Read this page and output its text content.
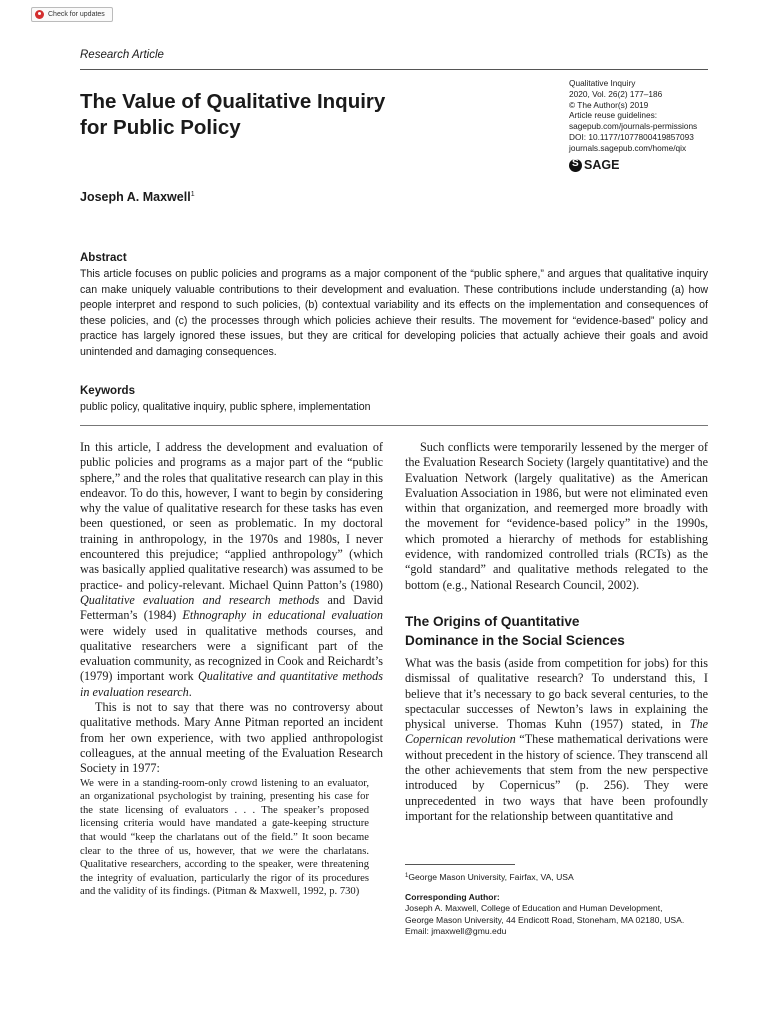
Check for updates
Research Article
The Value of Qualitative Inquiry
for Public Policy
Qualitative Inquiry
2020, Vol. 26(2) 177–186
© The Author(s) 2019
Article reuse guidelines:
sagepub.com/journals-permissions
DOI: 10.1177/1077800419857093
journals.sagepub.com/home/qix
S
SAGE
Joseph A. Maxwell$^1$
Abstract
This article focuses on public policies and programs as a major component of the “public sphere,” and argues that qualitative inquiry can make uniquely valuable contributions to their development and evaluation. These contributions include understanding (a) how people interpret and respond to such policies, (b) contextual variability and its effects on the implementation and consequences of these policies, and (c) the processes through which policies achieve their results. The movement for “evidence-based” policy and practice has largely ignored these issues, but they are critical for developing policies that actually achieve their goals and avoid unintended and damaging consequences.
Keywords
public policy, qualitative inquiry, public sphere, implementation

In this article, I address the development and evaluation of public policies and programs as a major part of the “public sphere,” and the roles that qualitative research can play in this endeavor. To do this, however, I want to begin by considering why the value of qualitative research for these tasks has even been questioned, or seen as problematic. In my doctoral training in anthropology, in the 1970s and 1980s, I never encountered this prejudice; “applied anthropology” (which was basically applied qualitative research) was assumed to be practice- and policy-relevant. Michael Quinn Patton’s (1980) Qualitative evaluation and research methods and David Fetterman’s (1984) Ethnography in educational evaluation were widely used in qualitative methods courses, and qualitative researchers were a significant part of the evaluation community, as recognized in Cook and Reichardt’s (1979) important work Qualitative and quantitative methods in evaluation research.

This is not to say that there was no controversy about qualitative methods. Mary Anne Pitman reported an incident from her own experience, with two applied anthropologist colleagues, at the annual meeting of the Evaluation Research Society in 1977:

We were in a standing-room-only crowd listening to an evaluator, an organizational psychologist by training, presenting his case for the state licensing of evaluators . . . The speaker’s proposed licensing criteria would have mandated a gate-keeping structure that would “keep the charlatans out of the field.” It soon became clear to the three of us, however, that we were the charlatans. Qualitative researchers, according to the speaker, were threatening the integrity of evaluation, particularly the rigor of its procedures and the validity of its findings. (Pitman & Maxwell, 1992, p. 730)

Such conflicts were temporarily lessened by the merger of the Evaluation Research Society (largely quantitative) and the Evaluation Network (largely qualitative) as the American Evaluation Association in 1986, but were not eliminated even within that organization, and reemerged more broadly with the movement for “evidence-based policy” in the 1990s, which promoted a hierarchy of methods for establishing evidence, with randomized controlled trials (RCTs) as the “gold standard” and qualitative methods relegated to the bottom (e.g., National Research Council, 2002).

The Origins of Quantitative
Dominance in the Social Sciences

What was the basis (aside from competition for jobs) for this dismissal of qualitative research? To understand this, I believe that it’s necessary to go back several centuries, to the spectacular successes of Newton’s laws in explaining the physical universe. Thomas Kuhn (1957) stated, in The Copernican revolution “These mathematical derivations were without precedent in the history of science. They transcend all the other achievements that stem from the new perspective introduced by Copernicus” (p. 256). They were unprecedented in two ways that have been profoundly important for the relationship between quantitative and

$^1$George Mason University, Fairfax, VA, USA
Corresponding Author:
Joseph A. Maxwell, College of Education and Human Development,
George Mason University, 44 Endicott Road, Stoneham, MA 02180, USA.
Email: jmaxwell@gmu.edu
